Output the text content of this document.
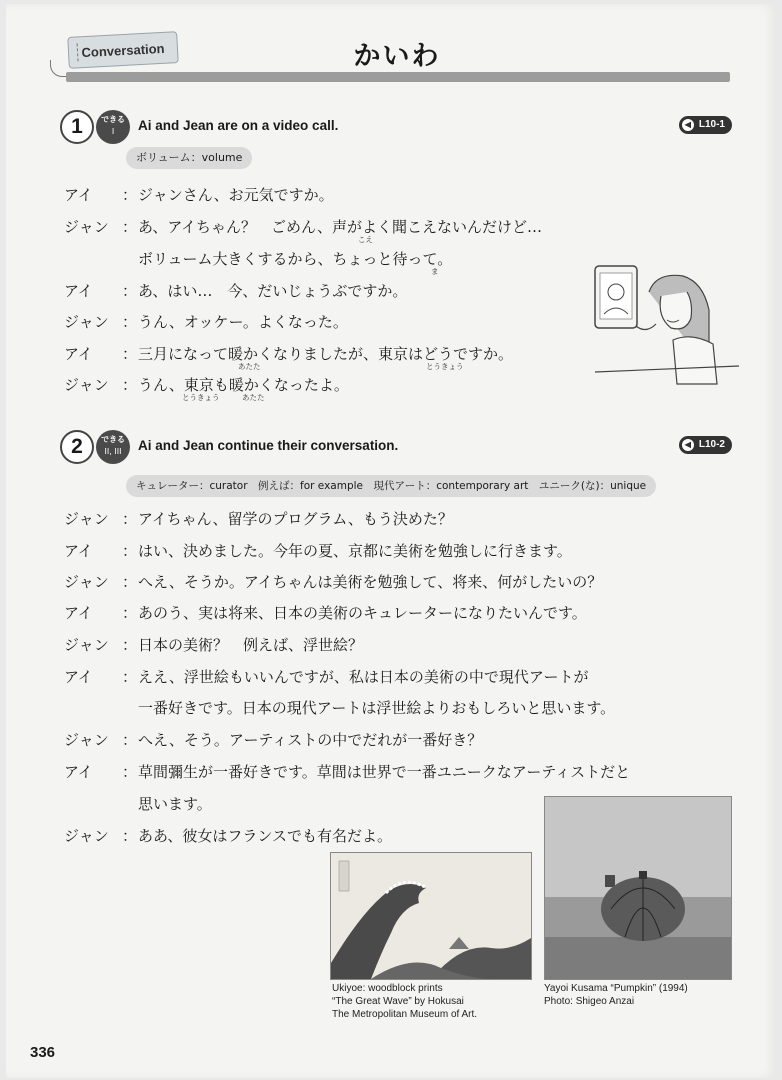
Conversation	かいわ
1	できる
I	Ai and Jean are on a video call.	◀ L10-1
ボリューム：volume
アイ	： ジャンさん、お元気ですか。
ジャン ： あ、アイちゃん？　ごめん、声がよく聞こえないんだけど…
こえ
ボリューム大きくするから、ちょっと待って。
ま
アイ	： あ、はい…　今、だいじょうぶですか。
ジャン ： うん、オッケー。よくなった。
アイ	： 三月になって暖かくなりましたが、東京はどうですか。
あたた	とうきょう
ジャン ： うん、東京も暖かくなったよ。
とうきょう	あたた
2	できる
II, III	Ai and Jean continue their conversation.	◀ L10-2
キュレーター：curator　例えば：for example　現代アート：contemporary art　ユニーク(な)：unique
ジャン ： アイちゃん、留学のプログラム、もう決めた？
アイ	： はい、決めました。今年の夏、京都に美術を勉強しに行きます。
ジャン ： へえ、そうか。アイちゃんは美術を勉強して、将来、何がしたいの？
アイ	： あのう、実は将来、日本の美術のキュレーターになりたいんです。
ジャン ： 日本の美術？　例えば、浮世絵？
アイ	： ええ、浮世絵もいいんですが、私は日本の美術の中で現代アートが
一番好きです。日本の現代アートは浮世絵よりおもしろいと思います。
ジャン ： へえ、そう。アーティストの中でだれが一番好き？
アイ	： 草間彌生が一番好きです。草間は世界で一番ユニークなアーティストだと
思います。
ジャン ： ああ、彼女はフランスでも有名だよ。
Ukiyoe: woodblock prints
“The Great Wave” by Hokusai
The Metropolitan Museum of Art.
Yayoi Kusama “Pumpkin” (1994)
Photo: Shigeo Anzai
336
